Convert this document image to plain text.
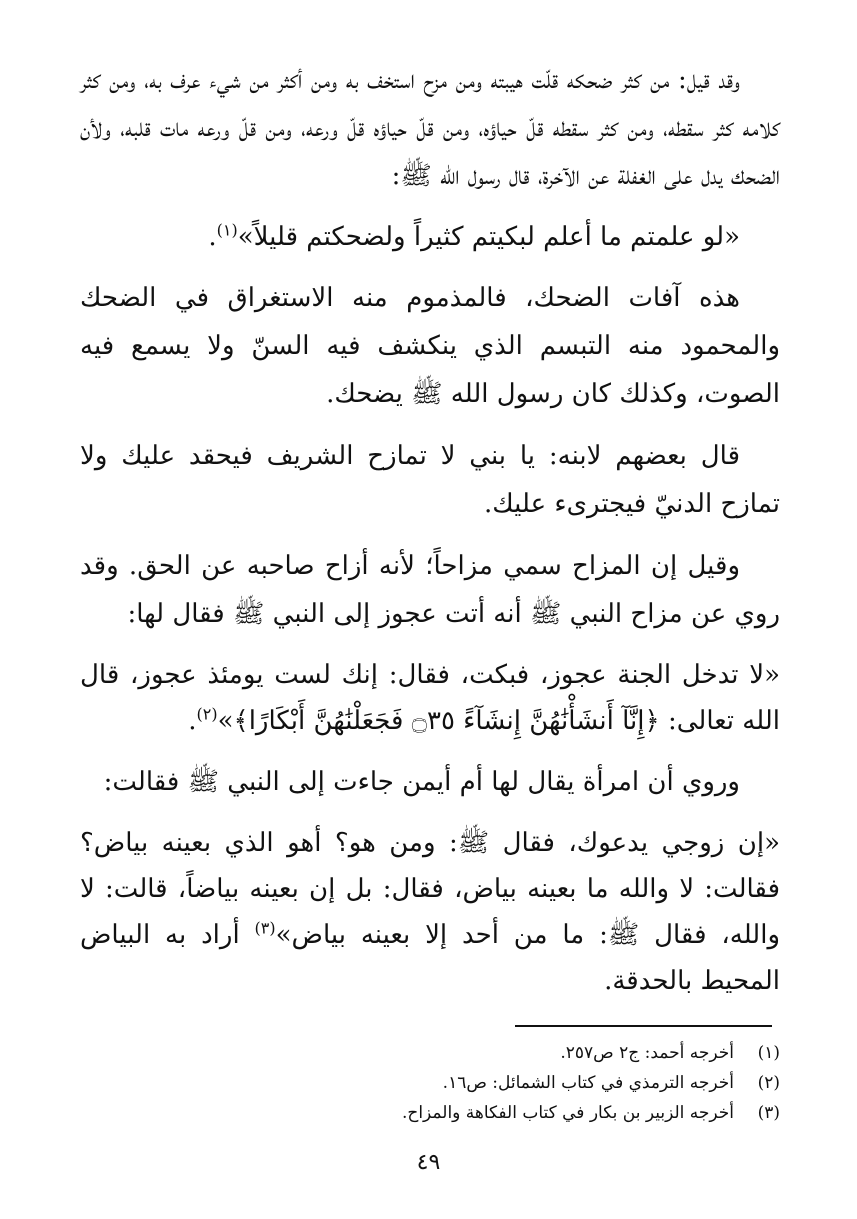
وقد قيل: من كثر ضحكه قلّت هيبته ومن مزح استخف به ومن أكثر من شيء عرف به، ومن كثر كلامه كثر سقطه، ومن كثر سقطه قلّ حياؤه، ومن قلّ حياؤه قلّ ورعه، ومن قلّ ورعه مات قلبه، ولأن الضحك يدل على الغفلة عن الآخرة، قال رسول الله ﷺ:

«لو علمتم ما أعلم لبكيتم كثيراً ولضحكتم قليلاً»$^{(١)}$.

هذه آفات الضحك، فالمذموم منه الاستغراق في الضحك والمحمود منه التبسم الذي ينكشف فيه السنّ ولا يسمع فيه الصوت، وكذلك كان رسول الله ﷺ يضحك.

قال بعضهم لابنه: يا بني لا تمازح الشريف فيحقد عليك ولا تمازح الدنيّ فيجترىء عليك.

وقيل إن المزاح سمي مزاحاً؛ لأنه أزاح صاحبه عن الحق. وقد روي عن مزاح النبي ﷺ أنه أتت عجوز إلى النبي ﷺ فقال لها:

«لا تدخل الجنة عجوز، فبكت، فقال: إنك لست يومئذ عجوز، قال الله تعالى: ﴿إِنَّآ أَنشَأْنَٰهُنَّ إِنشَآءً ۝٣٥ فَجَعَلْنَٰهُنَّ أَبْكَارًا﴾»$^{(٢)}$.

وروي أن امرأة يقال لها أم أيمن جاءت إلى النبي ﷺ فقالت:

«إن زوجي يدعوك، فقال ﷺ: ومن هو؟ أهو الذي بعينه بياض؟ فقالت: لا والله ما بعينه بياض، فقال: بل إن بعينه بياضاً، قالت: لا والله، فقال ﷺ: ما من أحد إلا بعينه بياض»$^{(٣)}$ أراد به البياض المحيط بالحدقة.

(١)
أخرجه أحمد: ج٢ ص٢٥٧.
(٢)
أخرجه الترمذي في كتاب الشمائل: ص١٦.
(٣)
أخرجه الزبير بن بكار في كتاب الفكاهة والمزاح.
٤٩
